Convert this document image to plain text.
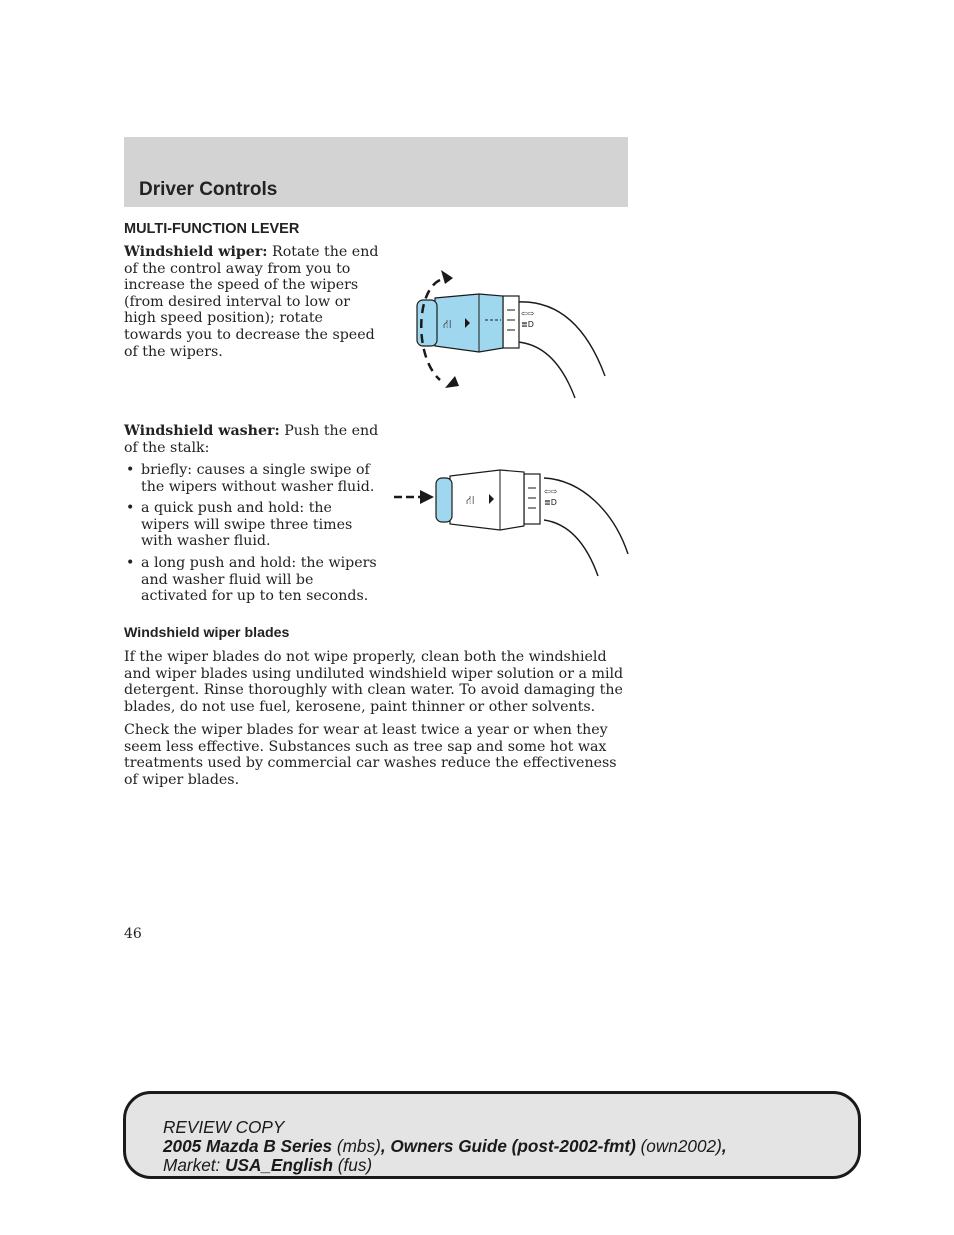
Driver Controls
MULTI-FUNCTION LEVER
Windshield wiper: Rotate the end of the control away from you to increase the speed of the wipers (from desired interval to low or high speed position); rotate towards you to decrease the speed of the wipers.
⇦⇨
≣D
⛙
Windshield washer: Push the end of the stalk:
• briefly: causes a single swipe of the wipers without washer fluid.
• a quick push and hold: the wipers will swipe three times with washer fluid.
• a long push and hold: the wipers and washer fluid will be activated for up to ten seconds.
⇦⇨
≣D
⛙
Windshield wiper blades
If the wiper blades do not wipe properly, clean both the windshield and wiper blades using undiluted windshield wiper solution or a mild detergent. Rinse thoroughly with clean water. To avoid damaging the blades, do not use fuel, kerosene, paint thinner or other solvents.
Check the wiper blades for wear at least twice a year or when they seem less effective. Substances such as tree sap and some hot wax treatments used by commercial car washes reduce the effectiveness of wiper blades.
46
REVIEW COPY
2005 Mazda B Series (mbs), Owners Guide (post-2002-fmt) (own2002),
Market: USA_English (fus)
